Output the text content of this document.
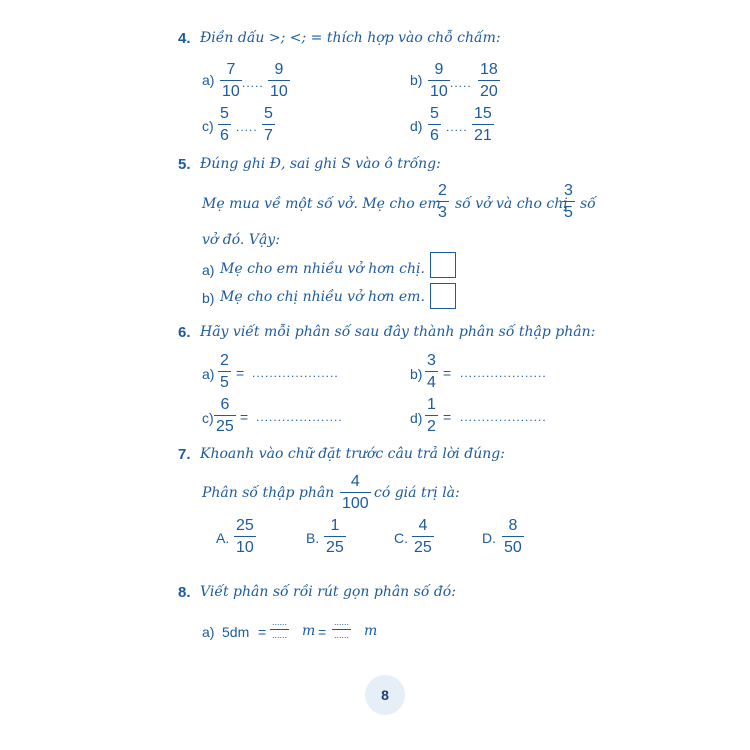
4. Điền dấu >; <; = thích hợp vào chỗ chấm:
$a) \frac{7}{10}$ ..... $\frac{9}{10}$	$b) \frac{9}{10}$ ..... $\frac{18}{20}$
$c) \frac{5}{6}$ ..... $\frac{5}{7}$	$d) \frac{5}{6}$ ..... $\frac{15}{21}$
5. Đúng ghi Đ, sai ghi S vào ô trống:
Mẹ mua về một số vở. Mẹ cho em
$\frac{2}{3}$ số vở và cho chị
$\frac{3}{5}$ số
vở đó. Vậy:
a) Mẹ cho em nhiều vở hơn chị.
b) Mẹ cho chị nhiều vở hơn em.
6. Hãy viết mỗi phân số sau đây thành phân số thập phân:
$a) \frac{2}{5}$ = ....................	$b) \frac{3}{4}$ = ....................
$c) \frac{6}{25}$ = ....................	$d) \frac{1}{2}$ = ....................
7. Khoanh vào chữ đặt trước câu trả lời đúng:
Phân số thập phân $\frac{4}{100}$ có giá trị là:
A. $\frac{25}{10}$	B. $\frac{1}{25}$	C. $\frac{4}{25}$	D. $\frac{8}{50}$
8. Viết phân số rồi rút gọn phân số đó:
a) 5dm =
......
...... m =
......
...... m
8
